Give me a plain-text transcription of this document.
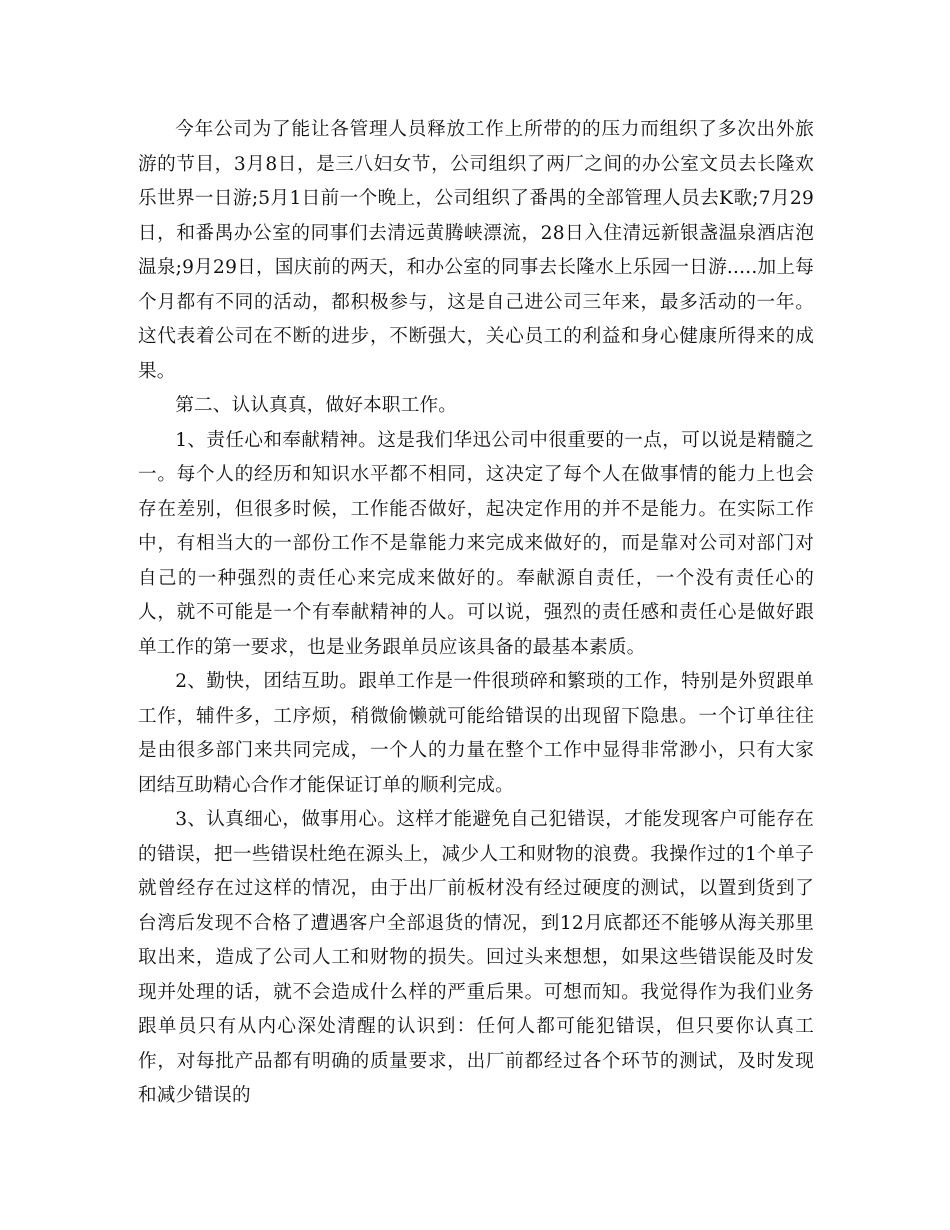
今年公司为了能让各管理人员释放工作上所带的的压力而组织了多次出外旅游的节目，3月8日，是三八妇女节，公司组织了两厂之间的办公室文员去长隆欢乐世界一日游;5月1日前一个晚上，公司组织了番禺的全部管理人员去K歌;7月29日，和番禺办公室的同事们去清远黄腾峡漂流，28日入住清远新银盏温泉酒店泡温泉;9月29日，国庆前的两天，和办公室的同事去长隆水上乐园一日游.....加上每个月都有不同的活动，都积极参与，这是自己进公司三年来，最多活动的一年。这代表着公司在不断的进步，不断强大，关心员工的利益和身心健康所得来的成果。

第二、认认真真，做好本职工作。

1、责任心和奉献精神。这是我们华迅公司中很重要的一点，可以说是精髓之一。每个人的经历和知识水平都不相同，这决定了每个人在做事情的能力上也会存在差别，但很多时候，工作能否做好，起决定作用的并不是能力。在实际工作中，有相当大的一部份工作不是靠能力来完成来做好的，而是靠对公司对部门对自己的一种强烈的责任心来完成来做好的。奉献源自责任，一个没有责任心的人，就不可能是一个有奉献精神的人。可以说，强烈的责任感和责任心是做好跟单工作的第一要求，也是业务跟单员应该具备的最基本素质。

2、勤快，团结互助。跟单工作是一件很琐碎和繁琐的工作，特别是外贸跟单工作，辅件多，工序烦，稍微偷懒就可能给错误的出现留下隐患。一个订单往往是由很多部门来共同完成，一个人的力量在整个工作中显得非常渺小，只有大家团结互助精心合作才能保证订单的顺利完成。

3、认真细心，做事用心。这样才能避免自己犯错误，才能发现客户可能存在的错误，把一些错误杜绝在源头上，减少人工和财物的浪费。我操作过的1个单子就曾经存在过这样的情况，由于出厂前板材没有经过硬度的测试，以置到货到了台湾后发现不合格了遭遇客户全部退货的情况，到12月底都还不能够从海关那里取出来，造成了公司人工和财物的损失。回过头来想想，如果这些错误能及时发现并处理的话，就不会造成什么样的严重后果。可想而知。我觉得作为我们业务跟单员只有从内心深处清醒的认识到：任何人都可能犯错误，但只要你认真工作，对每批产品都有明确的质量要求，出厂前都经过各个环节的测试，及时发现和减少错误的
